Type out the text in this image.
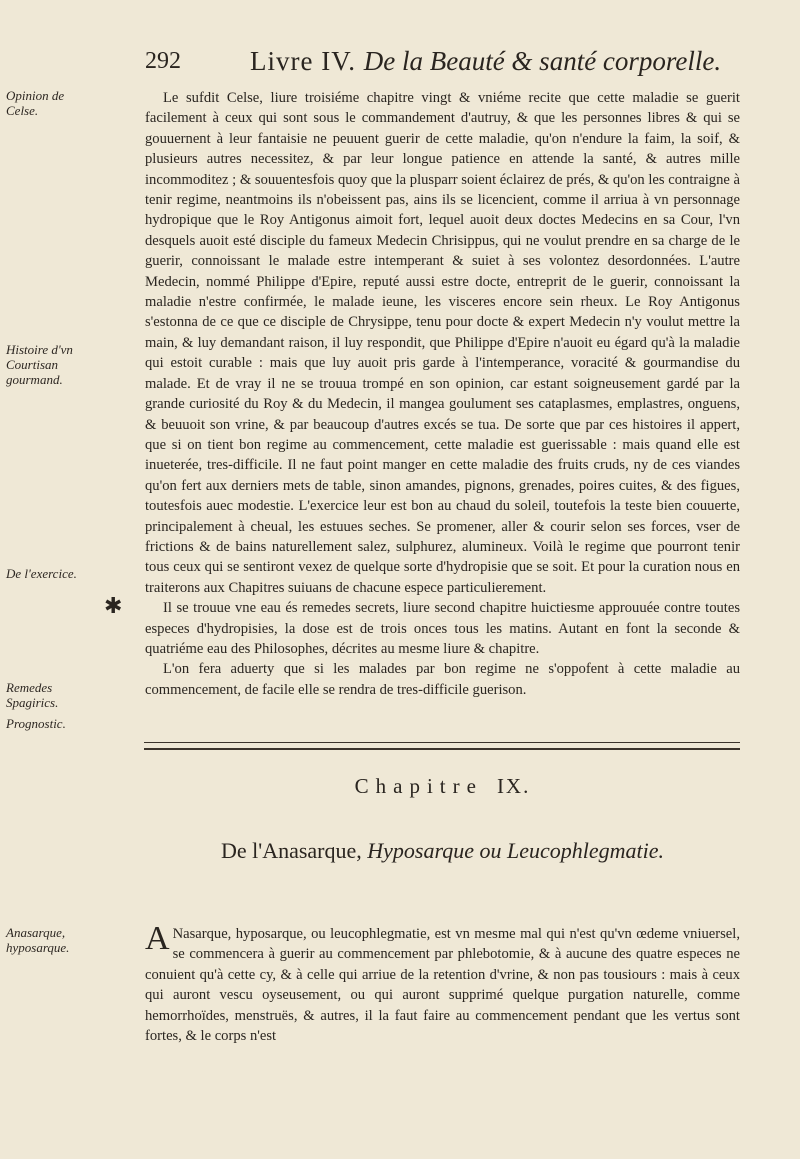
292	Livre IV. De la Beauté & santé corporelle.
Opinion de Celse.
Histoire d'vn Courtisan gourmand.
De l'exercice.
✱
Remedes Spagirics.
Prognostic.
Anasarque, hyposarque.

Le sufdit Celse, liure troisiéme chapitre vingt & vniéme recite que cette maladie se guerit facilement à ceux qui sont sous le commandement d'autruy, & que les personnes libres & qui se gouuernent à leur fantaisie ne peuuent guerir de cette maladie, qu'on n'endure la faim, la soif, & plusieurs autres necessitez, & par leur longue patience en attende la santé, & autres mille incommoditez ; & souuentesfois quoy que la plusparr soient éclairez de prés, & qu'on les contraigne à tenir regime, neantmoins ils n'obeissent pas, ains ils se licencient, comme il arriua à vn personnage hydropique que le Roy Antigonus aimoit fort, lequel auoit deux doctes Medecins en sa Cour, l'vn desquels auoit esté disciple du fameux Medecin Chrisippus, qui ne voulut prendre en sa charge de le guerir, connoissant le malade estre intemperant & suiet à ses volontez desordonnées. L'autre Medecin, nommé Philippe d'Epire, reputé aussi estre docte, entreprit de le guerir, connoissant la maladie n'estre confirmée, le malade ieune, les visceres encore sein rheux. Le Roy Antigonus s'estonna de ce que ce disciple de Chrysippe, tenu pour docte & expert Medecin n'y voulut mettre la main, & luy demandant raison, il luy respondit, que Philippe d'Epire n'auoit eu égard qu'à la maladie qui estoit curable : mais que luy auoit pris garde à l'intemperance, voracité & gourmandise du malade. Et de vray il ne se trouua trompé en son opinion, car estant soigneusement gardé par la grande curiosité du Roy & du Medecin, il mangea goulument ses cataplasmes, emplastres, onguens, & beuuoit son vrine, & par beaucoup d'autres excés se tua. De sorte que par ces histoires il appert, que si on tient bon regime au commencement, cette maladie est guerissable : mais quand elle est inueterée, tres-difficile. Il ne faut point manger en cette maladie des fruits cruds, ny de ces viandes qu'on fert aux derniers mets de table, sinon amandes, pignons, grenades, poires cuites, & des figues, toutesfois auec modestie. L'exercice leur est bon au chaud du soleil, toutefois la teste bien couuerte, principalement à cheual, les estuues seches. Se promener, aller & courir selon ses forces, vser de frictions & de bains naturellement salez, sulphurez, alumineux. Voilà le regime que pourront tenir tous ceux qui se sentiront vexez de quelque sorte d'hydropisie que se soit. Et pour la curation nous en traiterons aux Chapitres suiuans de chacune espece particulierement.

Il se trouue vne eau és remedes secrets, liure second chapitre huictiesme approuuée contre toutes especes d'hydropisies, la dose est de trois onces tous les matins. Autant en font la seconde & quatriéme eau des Philosophes, décrites au mesme liure & chapitre.

L'on fera aduerty que si les malades par bon regime ne s'oppofent à cette maladie au commencement, de facile elle se rendra de tres-difficile guerison.

Chapitre IX.
De l'Anasarque, Hyposarque ou Leucophlegmatie.
A Nasarque, hyposarque, ou leucophlegmatie, est vn mesme mal qui n'est qu'vn œdeme vniuersel, se commencera à guerir au commencement par phlebotomie, & à aucune des quatre especes ne conuient qu'à cette cy, & à celle qui arriue de la retention d'vrine, & non pas tousiours : mais à ceux qui auront vescu oyseusement, ou qui auront supprimé quelque purgation naturelle, comme hemorrhoïdes, menstruës, & autres, il la faut faire au commencement pendant que les vertus sont fortes, & le corps n'est
